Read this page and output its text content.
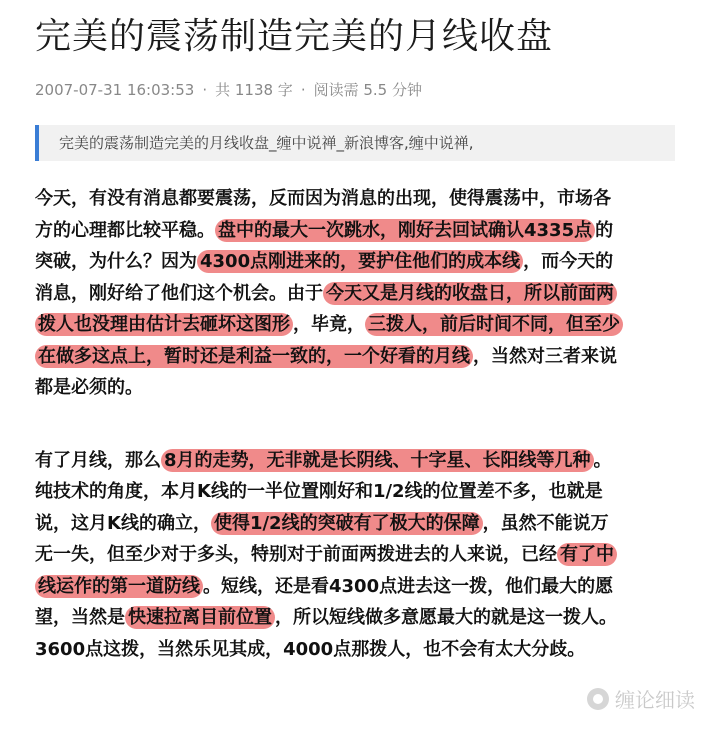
完美的震荡制造完美的月线收盘
2007-07-31 16:03:53 · 共 1138 字 · 阅读需 5.5 分钟
完美的震荡制造完美的月线收盘_缠中说禅_新浪博客,缠中说禅,
今天，有没有消息都要震荡，反而因为消息的出现，使得震荡中，市场各
方的心理都比较平稳。 盘中的最大一次跳水，刚好去回试确认4335点 的
突破，为什么？因为 4300点刚进来的，要护住他们的成本线 ，而今天的
消息，刚好给了他们这个机会。由于 今天又是月线的收盘日，所以前面两
拨人也没理由估计去砸坏这图形 ，毕竟， 三拨人，前后时间不同，但至少
在做多这点上，暂时还是利益一致的，一个好看的月线 ，当然对三者来说
都是必须的。
有了月线，那么 8月的走势，无非就是长阴线、十字星、长阳线等几种 。
纯技术的角度，本月K线的一半位置刚好和1/2线的位置差不多，也就是
说，这月K线的确立， 使得1/2线的突破有了极大的保障 ，虽然不能说万
无一失，但至少对于多头，特别对于前面两拨进去的人来说，已经 有了中
线运作的第一道防线 。短线，还是看4300点进去这一拨，他们最大的愿
望，当然是 快速拉离目前位置 ，所以短线做多意愿最大的就是这一拨人。
3600点这拨，当然乐见其成，4000点那拨人，也不会有太大分歧。
缠论细读
